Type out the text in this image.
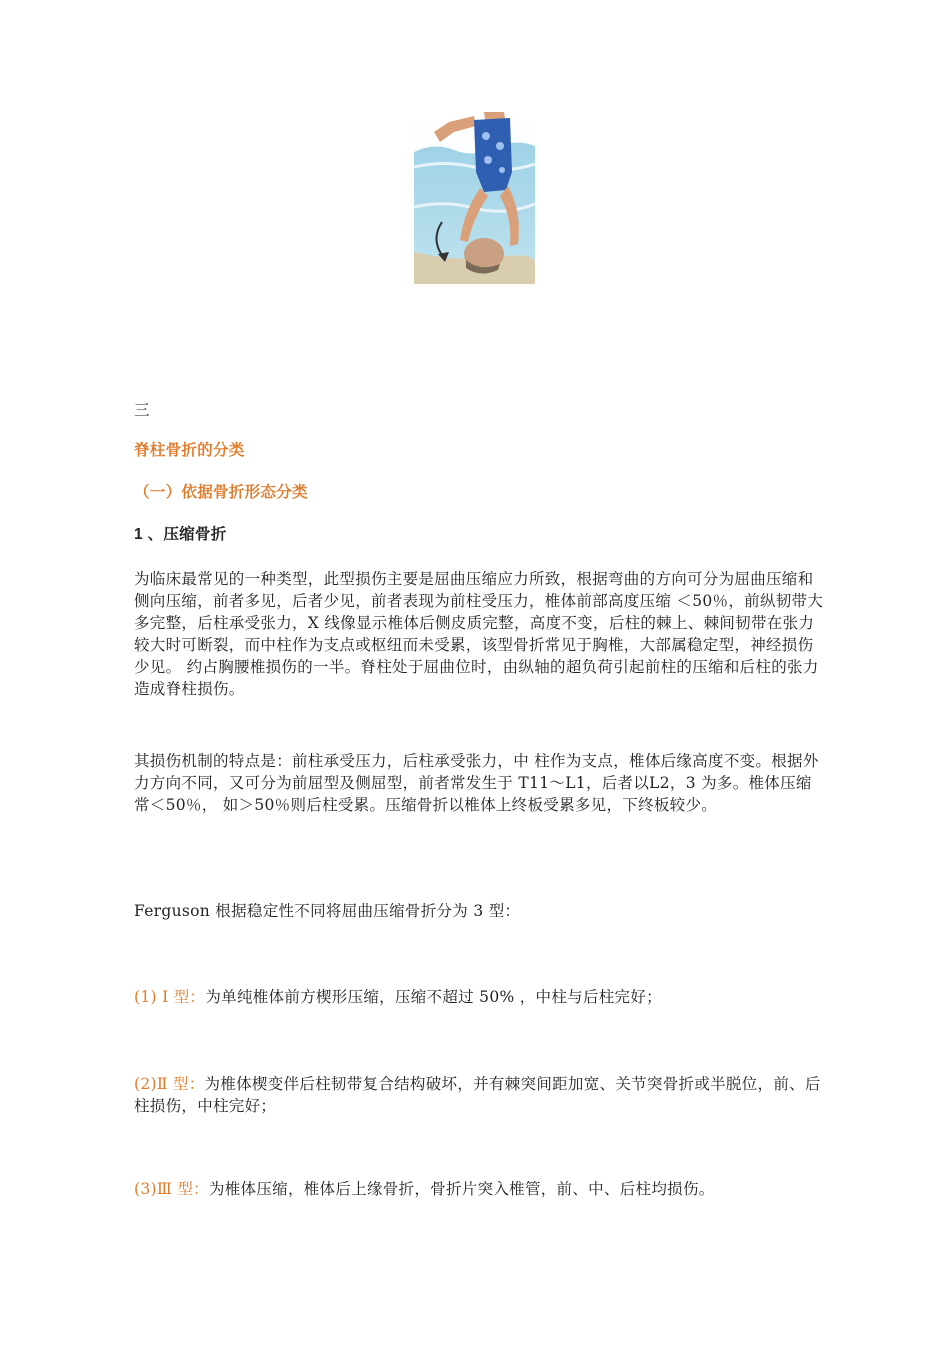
三
脊柱骨折的分类
（一）依据骨折形态分类
1 、压缩骨折
为临床最常见的一种类型，此型损伤主要是屈曲压缩应力所致，根据弯曲的方向可分为屈曲压缩和侧向压缩，前者多见，后者少见，前者表现为前柱受压力，椎体前部高度压缩 ＜50％，前纵韧带大多完整，后柱承受张力，X 线像显示椎体后侧皮质完整，高度不变，后柱的棘上、棘间韧带在张力较大时可断裂，而中柱作为支点或枢纽而未受累，该型骨折常见于胸椎，大部属稳定型，神经损伤少见。 约占胸腰椎损伤的一半。脊柱处于屈曲位时，由纵轴的超负荷引起前柱的压缩和后柱的张力造成脊柱损伤。
其损伤机制的特点是：前柱承受压力，后柱承受张力，中 柱作为支点，椎体后缘高度不变。根据外力方向不同，又可分为前屈型及侧屈型，前者常发生于 T11～L1，后者以L2，3 为多。椎体压缩常＜50％， 如＞50％则后柱受累。压缩骨折以椎体上终板受累多见，下终板较少。
Ferguson 根据稳定性不同将屈曲压缩骨折分为 3 型：
(1) Ⅰ 型：为单纯椎体前方楔形压缩，压缩不超过 50% ，中柱与后柱完好；
(2)Ⅱ 型：为椎体楔变伴后柱韧带复合结构破坏，并有棘突间距加宽、关节突骨折或半脱位，前、后柱损伤，中柱完好；
(3)Ⅲ 型：为椎体压缩，椎体后上缘骨折，骨折片突入椎管，前、中、后柱均损伤。
